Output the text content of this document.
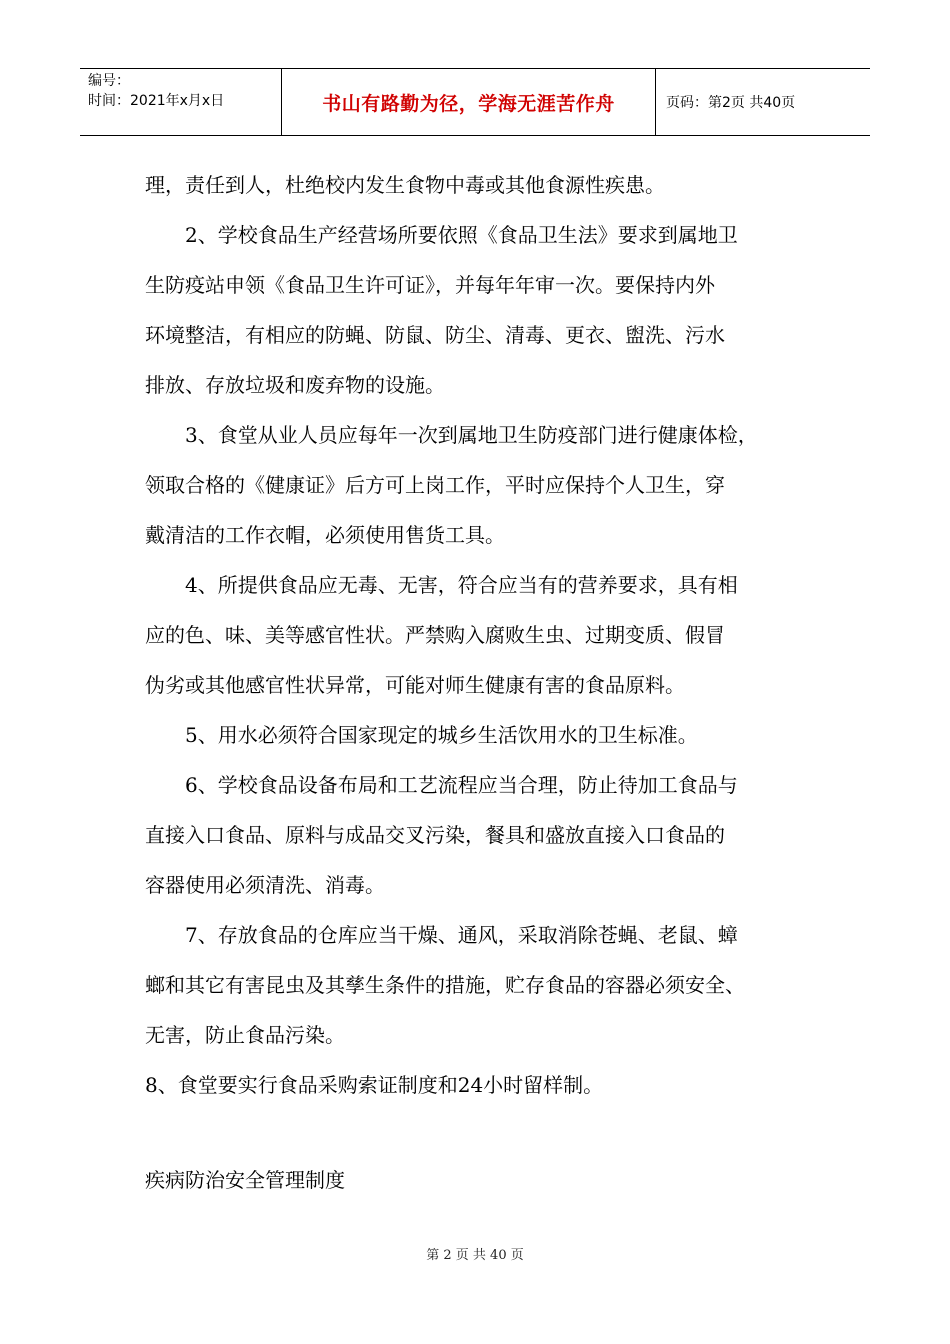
编号：
时间：2021年x月x日	书山有路勤为径，学海无涯苦作舟	页码：第2页 共40页
理，责任到人，杜绝校内发生食物中毒或其他食源性疾患。
2、学校食品生产经营场所要依照《食品卫生法》要求到属地卫
生防疫站申领《食品卫生许可证》，并每年年审一次。要保持内外
环境整洁，有相应的防蝇、防鼠、防尘、清毒、更衣、盥洗、污水
排放、存放垃圾和废弃物的设施。
3、食堂从业人员应每年一次到属地卫生防疫部门进行健康体检，
领取合格的《健康证》后方可上岗工作，平时应保持个人卫生，穿
戴清洁的工作衣帽，必须使用售货工具。
4、所提供食品应无毒、无害，符合应当有的营养要求，具有相
应的色、味、美等感官性状。严禁购入腐败生虫、过期变质、假冒
伪劣或其他感官性状异常，可能对师生健康有害的食品原料。
5、用水必须符合国家现定的城乡生活饮用水的卫生标准。
6、学校食品设备布局和工艺流程应当合理，防止待加工食品与
直接入口食品、原料与成品交叉污染，餐具和盛放直接入口食品的
容器使用必须清洗、消毒。
7、存放食品的仓库应当干燥、通风，采取消除苍蝇、老鼠、蟑
螂和其它有害昆虫及其孳生条件的措施，贮存食品的容器必须安全、
无害，防止食品污染。
8、食堂要实行食品采购索证制度和24小时留样制。
疾病防治安全管理制度
第 2 页 共 40 页
